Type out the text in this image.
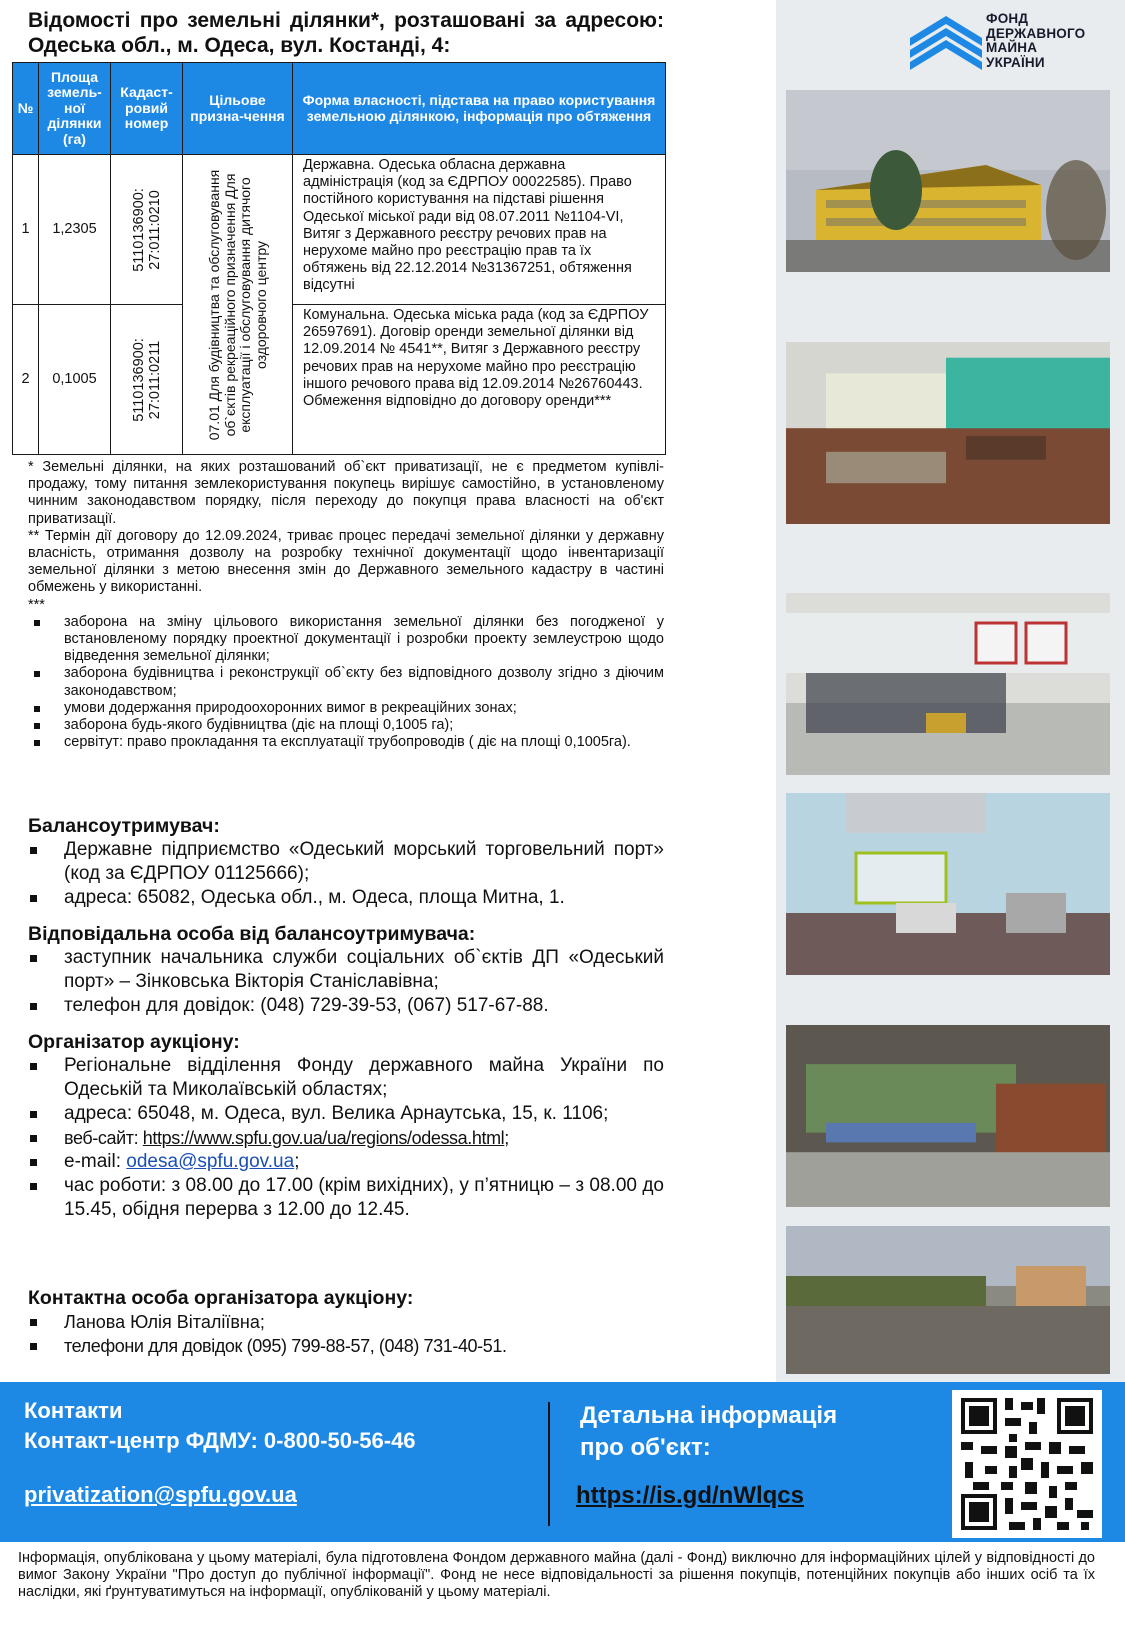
Відомості про земельні ділянки*, розташовані за адресою: Одеська обл., м. Одеса, вул. Костанді, 4:
ФОНД
ДЕРЖАВНОГО
МАЙНА
УКРАЇНИ
№	Площа земель-ної ділянки (га)	Кадаст-ровий номер	Цільове призна-чення	Форма власності, підстава на право користування земельною ділянкою, інформація про обтяження
1	1,2305	5110136900: 27:011:0210	07.01 Для будівництва та обслуговування об`єктів рекреаційного призначення Для експлуатації і обслуговування дитячого оздоровчого центру	Державна. Одеська обласна державна адміністрація (код за ЄДРПОУ 00022585). Право постійного користування на підставі рішення Одеської міської ради від 08.07.2011 №1104-VI, Витяг з Державного реєстру речових прав на нерухоме майно про реєстрацію прав та їх обтяжень від 22.12.2014 №31367251, обтяження відсутні
2	0,1005	5110136900: 27:011:0211		Комунальна. Одеська міська рада (код за ЄДРПОУ 26597691). Договір оренди земельної ділянки від 12.09.2014 № 4541**, Витяг з Державного реєстру речових прав на нерухоме майно про реєстрацію іншого речового права від 12.09.2014 №26760443. Обмеження відповідно до договору оренди***

* Земельні ділянки, на яких розташований об`єкт приватизації, не є предметом купівлі-продажу, тому питання землекористування покупець вирішує самостійно, в установленому чинним законодавством порядку, після переходу до покупця права власності на об'єкт приватизації.

** Термін дії договору до 12.09.2024, триває процес передачі земельної ділянки у державну власність, отримання дозволу на розробку технічної документації щодо інвентаризації земельної ділянки з метою внесення змін до Державного земельного кадастру в частині обмежень у використанні.

***

заборона на зміну цільового використання земельної ділянки без погодженої у встановленому порядку проектної документації і розробки проекту землеустрою щодо відведення земельної ділянки;
заборона будівництва і реконструкції об`єкту без відповідного дозволу згідно з діючим законодавством;
умови додержання природоохоронних вимог в рекреаційних зонах;
заборона будь-якого будівництва (діє на площі 0,1005 га);
сервітут: право прокладання та експлуатації трубопроводів ( діє на площі 0,1005га).
Балансоутримувач:
Державне підприємство «Одеський морський торговельний порт» (код за ЄДРПОУ 01125666);
адреса: 65082, Одеська обл., м. Одеса, площа Митна, 1.
Відповідальна особа від балансоутримувача:
заступник начальника служби соціальних об`єктів ДП «Одеський порт» – Зінковська Вікторія Станіславівна;
телефон для довідок: (048) 729-39-53, (067) 517-67-88.
Організатор аукціону:
Регіональне відділення Фонду державного майна України по Одеській та Миколаївській областях;
адреса: 65048, м. Одеса, вул. Велика Арнаутська, 15, к. 1106;
веб-сайт: https://www.spfu.gov.ua/ua/regions/odessa.html;
e-mail: odesa@spfu.gov.ua;
час роботи: з 08.00 до 17.00 (крім вихідних), у п’ятницю – з 08.00 до 15.45, обідня перерва з 12.00 до 12.45.
Контактна особа організатора аукціону:
Ланова Юлія Віталіївна;
телефони для довідок (095) 799-88-57, (048) 731-40-51.
Контакти
Контакт-центр ФДМУ: 0-800-50-56-46
privatization@spfu.gov.ua
Детальна інформація
про об'єкт:
https://is.gd/nWlqcs
Інформація, опублікована у цьому матеріалі, була підготовлена Фондом державного майна (далі - Фонд) виключно для інформаційних цілей у відповідності до вимог Закону України "Про доступ до публічної інформації". Фонд не несе відповідальності за рішення покупців, потенційних покупців або інших осіб та їх наслідки, які ґрунтуватимуться на інформації, опублікованій у цьому матеріалі.
